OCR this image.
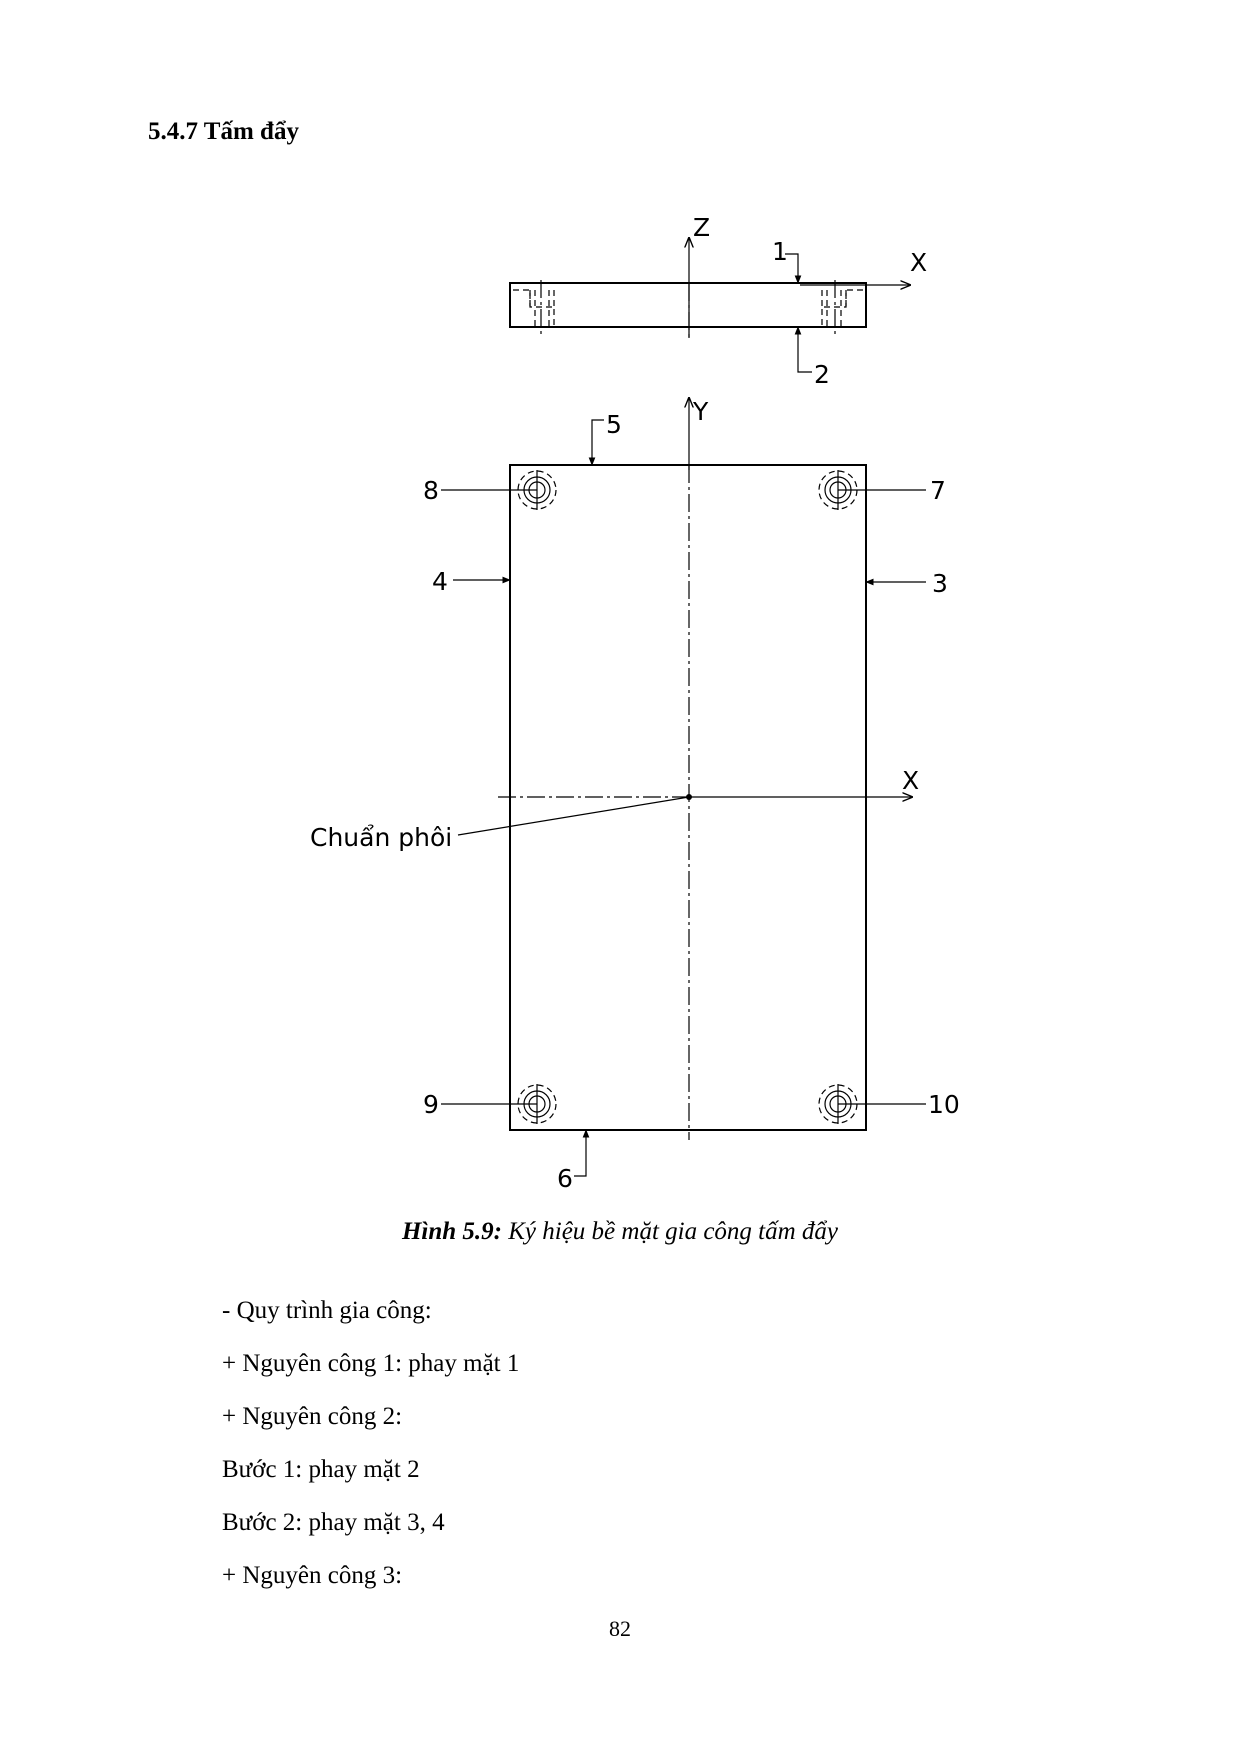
5.4.7 Tấm đẩy
Z
X
1
2
Y
X
Chuẩn phôi
8	7
9	10
4	3
5
6
Hình 5.9: Ký hiệu bề mặt gia công tấm đẩy
- Quy trình gia công:
+ Nguyên công 1: phay mặt 1
+ Nguyên công 2:
Bước 1: phay mặt 2
Bước 2: phay mặt 3, 4
+ Nguyên công 3:
82
